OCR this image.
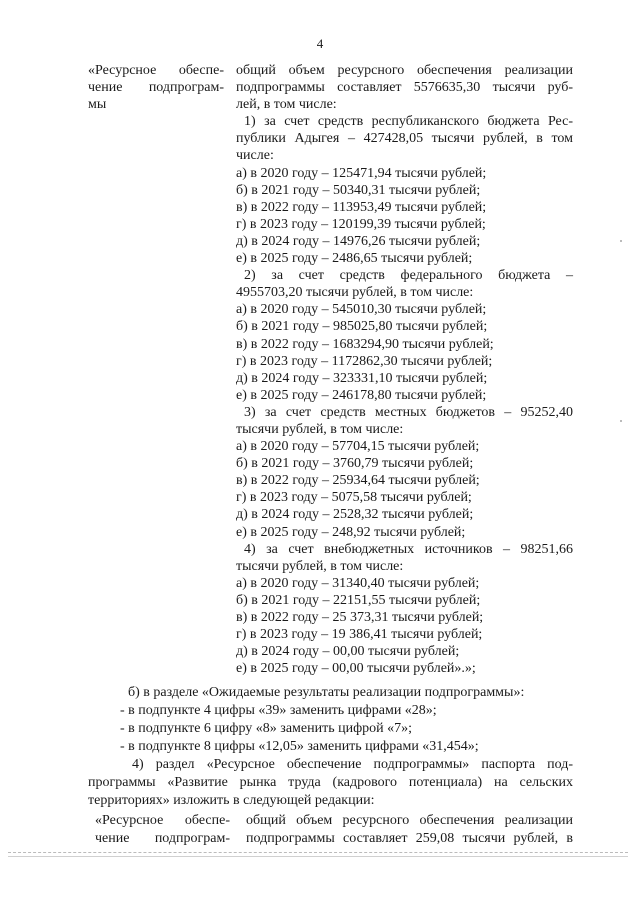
4
«Ресурсное обеспе-
чение подпрограм-
мы
общий объем ресурсного обеспечения реализации
подпрограммы составляет 5576635,30 тысячи руб-
лей, в том числе:
1) за счет средств республиканского бюджета Рес-
публики Адыгея – 427428,05 тысячи рублей, в том
числе:
а) в 2020 году – 125471,94 тысячи рублей;
б) в 2021 году – 50340,31 тысячи рублей;
в) в 2022 году – 113953,49 тысячи рублей;
г) в 2023 году – 120199,39 тысячи рублей;
д) в 2024 году – 14976,26 тысячи рублей;
е) в 2025 году – 2486,65 тысячи рублей;
2) за счет средств федерального бюджета –
4955703,20 тысячи рублей, в том числе:
а) в 2020 году – 545010,30 тысячи рублей;
б) в 2021 году – 985025,80 тысячи рублей;
в) в 2022 году – 1683294,90 тысячи рублей;
г) в 2023 году – 1172862,30 тысячи рублей;
д) в 2024 году – 323331,10 тысячи рублей;
е) в 2025 году – 246178,80 тысячи рублей;
3) за счет средств местных бюджетов – 95252,40
тысячи рублей, в том числе:
а) в 2020 году – 57704,15 тысячи рублей;
б) в 2021 году – 3760,79 тысячи рублей;
в) в 2022 году – 25934,64 тысячи рублей;
г) в 2023 году – 5075,58 тысячи рублей;
д) в 2024 году – 2528,32 тысячи рублей;
е) в 2025 году – 248,92 тысячи рублей;
4) за счет внебюджетных источников – 98251,66
тысячи рублей, в том числе:
а) в 2020 году – 31340,40 тысячи рублей;
б) в 2021 году – 22151,55 тысячи рублей;
в) в 2022 году – 25 373,31 тысячи рублей;
г) в 2023 году – 19 386,41 тысячи рублей;
д) в 2024 году – 00,00 тысячи рублей;
е) в 2025 году – 00,00 тысячи рублей».»;
б) в разделе «Ожидаемые результаты реализации подпрограммы»:
- в подпункте 4 цифры «39» заменить цифрами «28»;
- в подпункте 6 цифру «8» заменить цифрой «7»;
- в подпункте 8 цифры «12,05» заменить цифрами «31,454»;
4) раздел «Ресурсное обеспечение подпрограммы» паспорта под-
программы «Развитие рынка труда (кадрового потенциала) на сельских
территориях» изложить в следующей редакции:
«Ресурсное обеспе-
чение подпрограм-
общий объем ресурсного обеспечения реализации
подпрограммы составляет 259,08 тысячи рублей, в
